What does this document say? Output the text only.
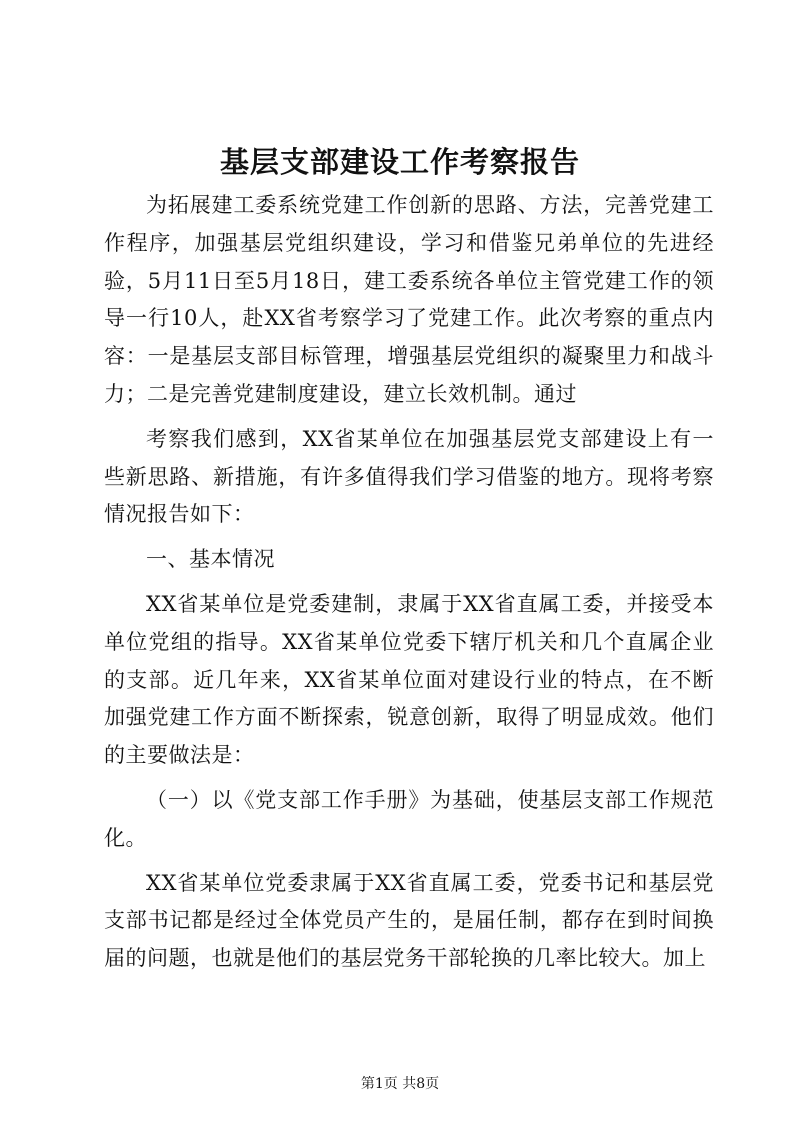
基层支部建设工作考察报告

为拓展建工委系统党建工作创新的思路、方法，完善党建工作程序，加强基层党组织建设，学习和借鉴兄弟单位的先进经验，5月11日至5月18日，建工委系统各单位主管党建工作的领导一行10人，赴XX省考察学习了党建工作。此次考察的重点内容：一是基层支部目标管理，增强基层党组织的凝聚里力和战斗力；二是完善党建制度建设，建立长效机制。通过

考察我们感到，XX省某单位在加强基层党支部建设上有一些新思路、新措施，有许多值得我们学习借鉴的地方。现将考察情况报告如下：

一、基本情况

XX省某单位是党委建制，隶属于XX省直属工委，并接受本单位党组的指导。XX省某单位党委下辖厅机关和几个直属企业的支部。近几年来，XX省某单位面对建设行业的特点，在不断加强党建工作方面不断探索，锐意创新，取得了明显成效。他们的主要做法是：

（一）以《党支部工作手册》为基础，使基层支部工作规范化。

XX省某单位党委隶属于XX省直属工委，党委书记和基层党支部书记都是经过全体党员产生的，是届任制，都存在到时间换届的问题，也就是他们的基层党务干部轮换的几率比较大。加上

第1页 共8页
